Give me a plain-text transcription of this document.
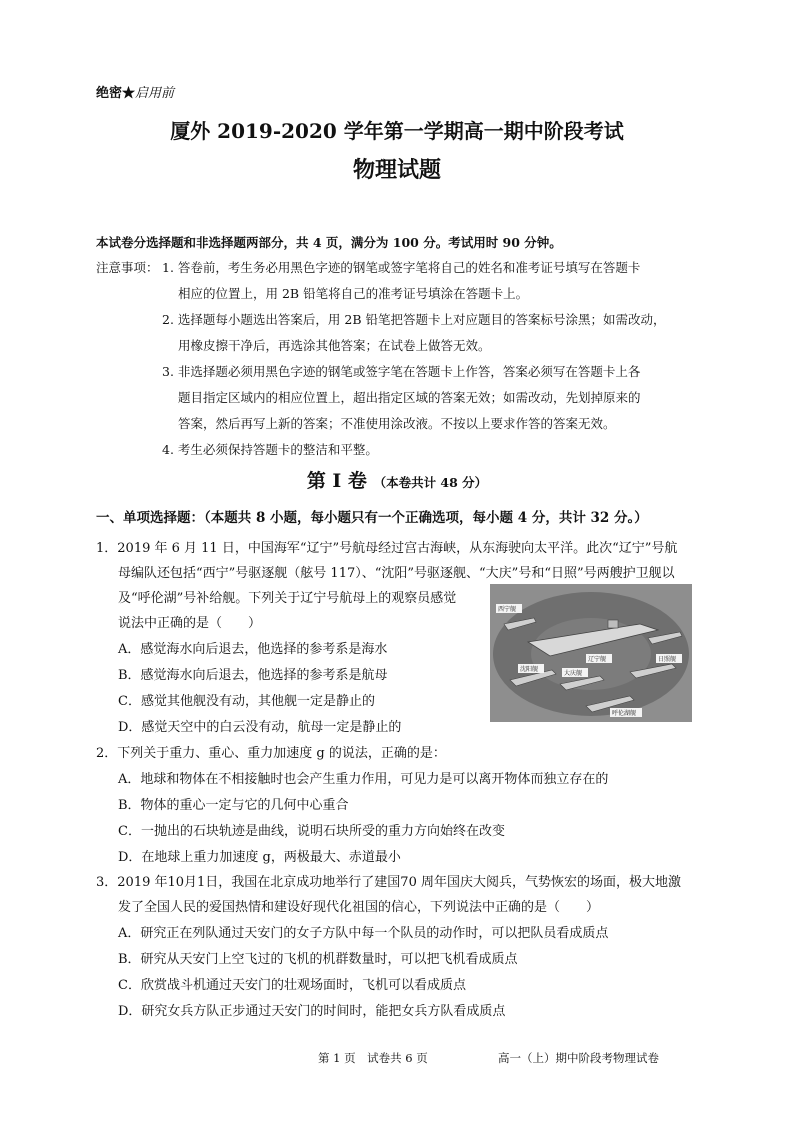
绝密★启用前
厦外 2019-2020 学年第一学期高一期中阶段考试
物理试题
本试卷分选择题和非选择题两部分，共 4 页，满分为 100 分。考试用时 90 分钟。
注意事项： 1. 答卷前，考生务必用黑色字迹的钢笔或签字笔将自己的姓名和准考证号填写在答题卡
相应的位置上，用 2B 铅笔将自己的准考证号填涂在答题卡上。
2. 选择题每小题选出答案后，用 2B 铅笔把答题卡上对应题目的答案标号涂黑；如需改动，
用橡皮擦干净后，再选涂其他答案；在试卷上做答无效。
3. 非选择题必须用黑色字迹的钢笔或签字笔在答题卡上作答，答案必须写在答题卡上各
题目指定区域内的相应位置上，超出指定区域的答案无效；如需改动，先划掉原来的
答案，然后再写上新的答案；不准使用涂改液。不按以上要求作答的答案无效。
4. 考生必须保持答题卡的整洁和平整。
第 I 卷 （本卷共计 48 分）
一、单项选择题：（本题共 8 小题，每小题只有一个正确选项，每小题 4 分，共计 32 分。）
1．2019 年 6 月 11 日，中国海军“辽宁”号航母经过宫古海峡，从东海驶向太平洋。此次“辽宁”号航
母编队还包括“西宁”号驱逐舰（舷号 117）、“沈阳”号驱逐舰、“大庆”号和“日照”号两艘护卫舰以
及“呼伦湖”号补给舰。下列关于辽宁号航母上的观察员感觉
说法中正确的是（　　）
A．感觉海水向后退去，他选择的参考系是海水
B．感觉海水向后退去，他选择的参考系是航母
C．感觉其他舰没有动，其他舰一定是静止的
D．感觉天空中的白云没有动，航母一定是静止的
西宁舰
辽宁舰
沈阳舰
大庆舰
日照舰
呼伦湖舰
2．下列关于重力、重心、重力加速度 g 的说法，正确的是：
A．地球和物体在不相接触时也会产生重力作用，可见力是可以离开物体而独立存在的
B．物体的重心一定与它的几何中心重合
C．一抛出的石块轨迹是曲线，说明石块所受的重力方向始终在改变
D．在地球上重力加速度 g，两极最大、赤道最小
3．2019 年10月1日，我国在北京成功地举行了建国70 周年国庆大阅兵，气势恢宏的场面，极大地激
发了全国人民的爱国热情和建设好现代化祖国的信心，下列说法中正确的是（　　）
A．研究正在列队通过天安门的女子方队中每一个队员的动作时，可以把队员看成质点
B．研究从天安门上空飞过的飞机的机群数量时，可以把飞机看成质点
C．欣赏战斗机通过天安门的壮观场面时，飞机可以看成质点
D．研究女兵方队正步通过天安门的时间时，能把女兵方队看成质点
第 1 页　试卷共 6 页	高一（上）期中阶段考物理试卷
